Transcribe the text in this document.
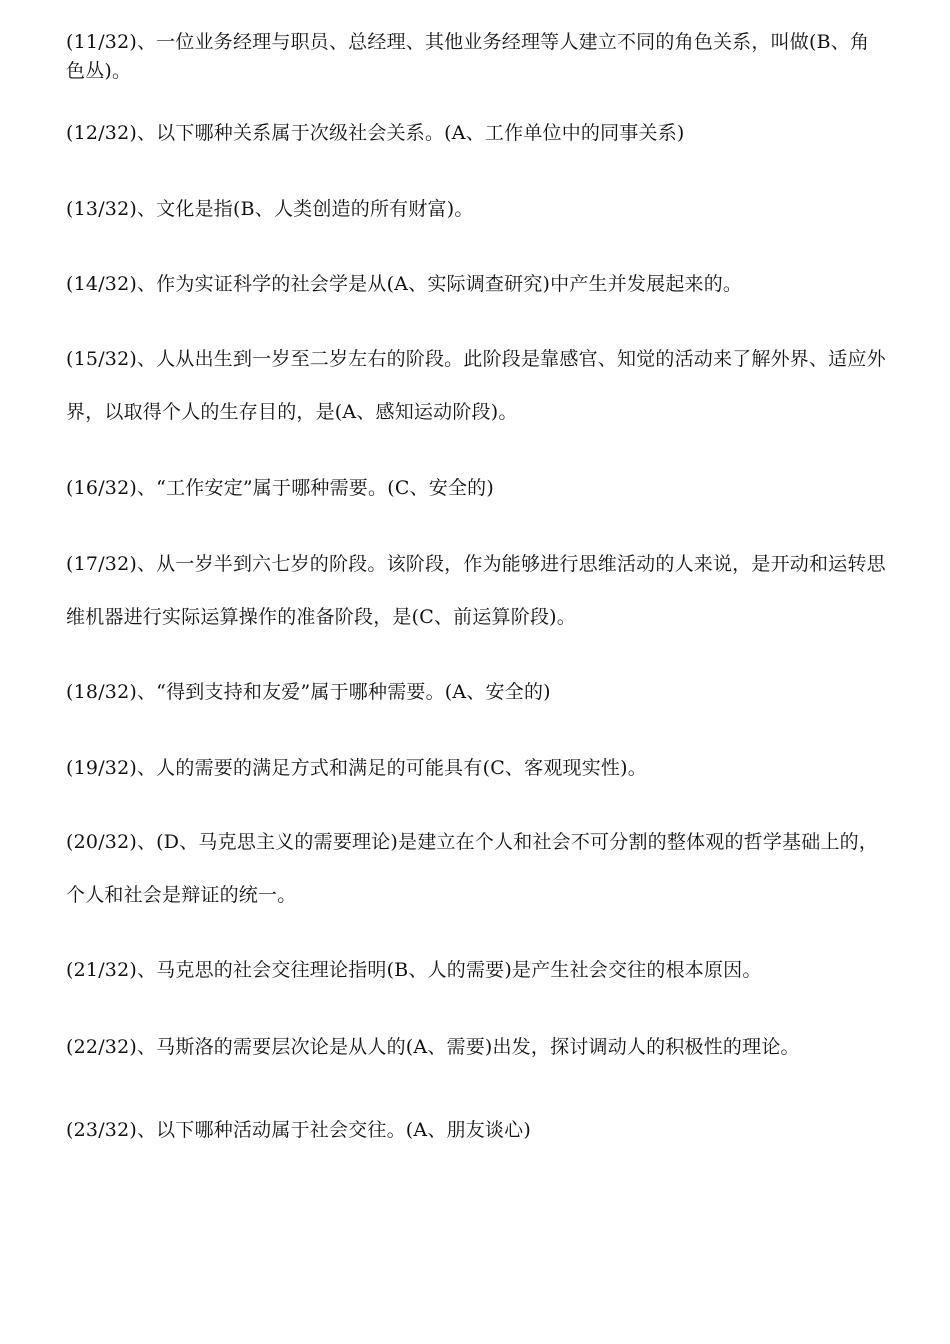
(11/32)、一位业务经理与职员、总经理、其他业务经理等人建立不同的角色关系，叫做(B、角色丛)。

(12/32)、以下哪种关系属于次级社会关系。(A、工作单位中的同事关系)

(13/32)、文化是指(B、人类创造的所有财富)。

(14/32)、作为实证科学的社会学是从(A、实际调查研究)中产生并发展起来的。

(15/32)、人从出生到一岁至二岁左右的阶段。此阶段是靠感官、知觉的活动来了解外界、适应外界，以取得个人的生存目的，是(A、感知运动阶段)。

(16/32)、“工作安定”属于哪种需要。(C、安全的)

(17/32)、从一岁半到六七岁的阶段。该阶段，作为能够进行思维活动的人来说，是开动和运转思维机器进行实际运算操作的准备阶段，是(C、前运算阶段)。

(18/32)、“得到支持和友爱”属于哪种需要。(A、安全的)

(19/32)、人的需要的满足方式和满足的可能具有(C、客观现实性)。

(20/32)、(D、马克思主义的需要理论)是建立在个人和社会不可分割的整体观的哲学基础上的，个人和社会是辩证的统一。

(21/32)、马克思的社会交往理论指明(B、人的需要)是产生社会交往的根本原因。

(22/32)、马斯洛的需要层次论是从人的(A、需要)出发，探讨调动人的积极性的理论。

(23/32)、以下哪种活动属于社会交往。(A、朋友谈心)
